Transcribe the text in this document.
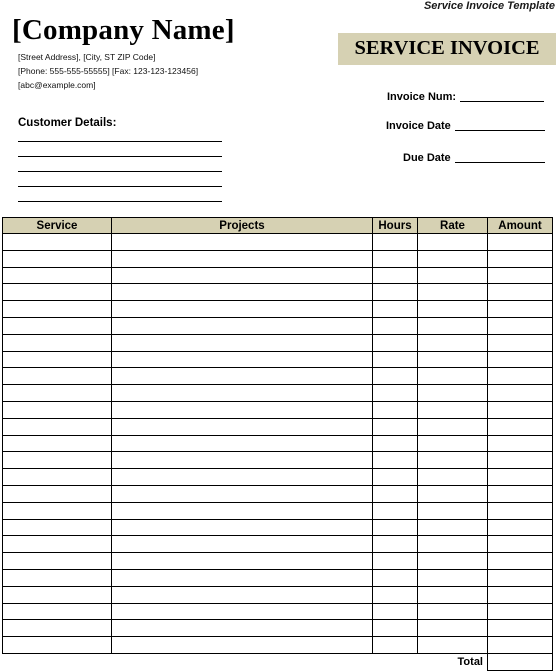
Service Invoice Template
[Company Name]
[Street Address], [City, ST ZIP Code]
[Phone: 555-555-55555] [Fax: 123-123-123456]
[abc@example.com]
SERVICE INVOICE
Invoice Num:
Invoice Date
Due Date
Customer Details:
Service	Projects	Hours	Rate	Amount

Total				
